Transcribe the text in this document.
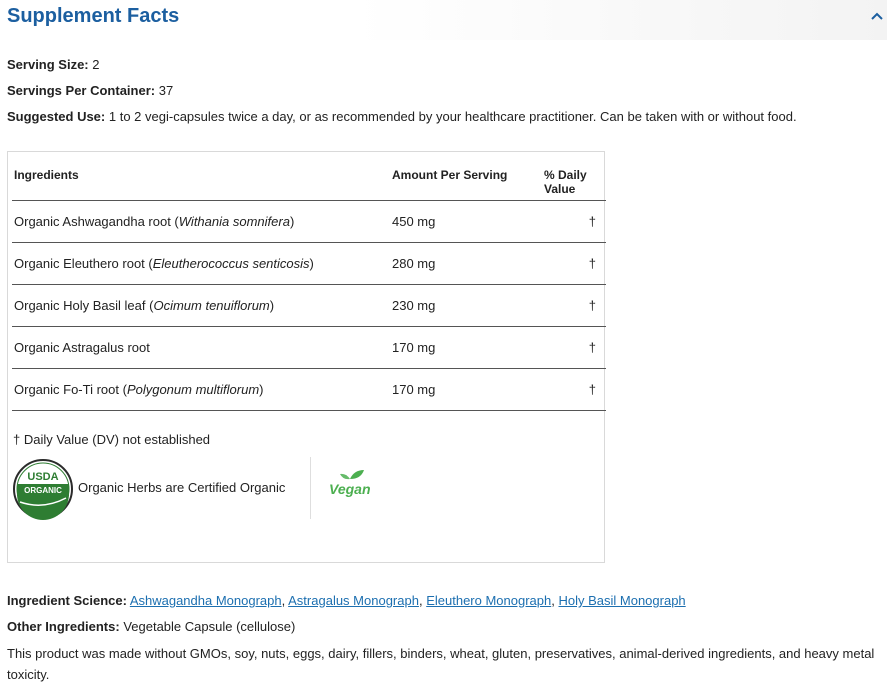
Supplement Facts
Serving Size: 2
Servings Per Container: 37
Suggested Use: 1 to 2 vegi-capsules twice a day, or as recommended by your healthcare practitioner. Can be taken with or without food.
Ingredients	Amount Per Serving	% Daily
Value
Organic Ashwagandha root (Withania somnifera)	450 mg	†
Organic Eleuthero root (Eleutherococcus senticosis)	280 mg	†
Organic Holy Basil leaf (Ocimum tenuiflorum)	230 mg	†
Organic Astragalus root	170 mg	†
Organic Fo-Ti root (Polygonum multiflorum)	170 mg	†
† Daily Value (DV) not established
USDA
ORGANIC Organic Herbs are Certified Organic	Vegan
Ingredient Science: Ashwagandha Monograph, Astragalus Monograph, Eleuthero Monograph, Holy Basil Monograph
Other Ingredients: Vegetable Capsule (cellulose)
This product was made without GMOs, soy, nuts, eggs, dairy, fillers, binders, wheat, gluten, preservatives, animal-derived ingredients, and heavy metal toxicity.
